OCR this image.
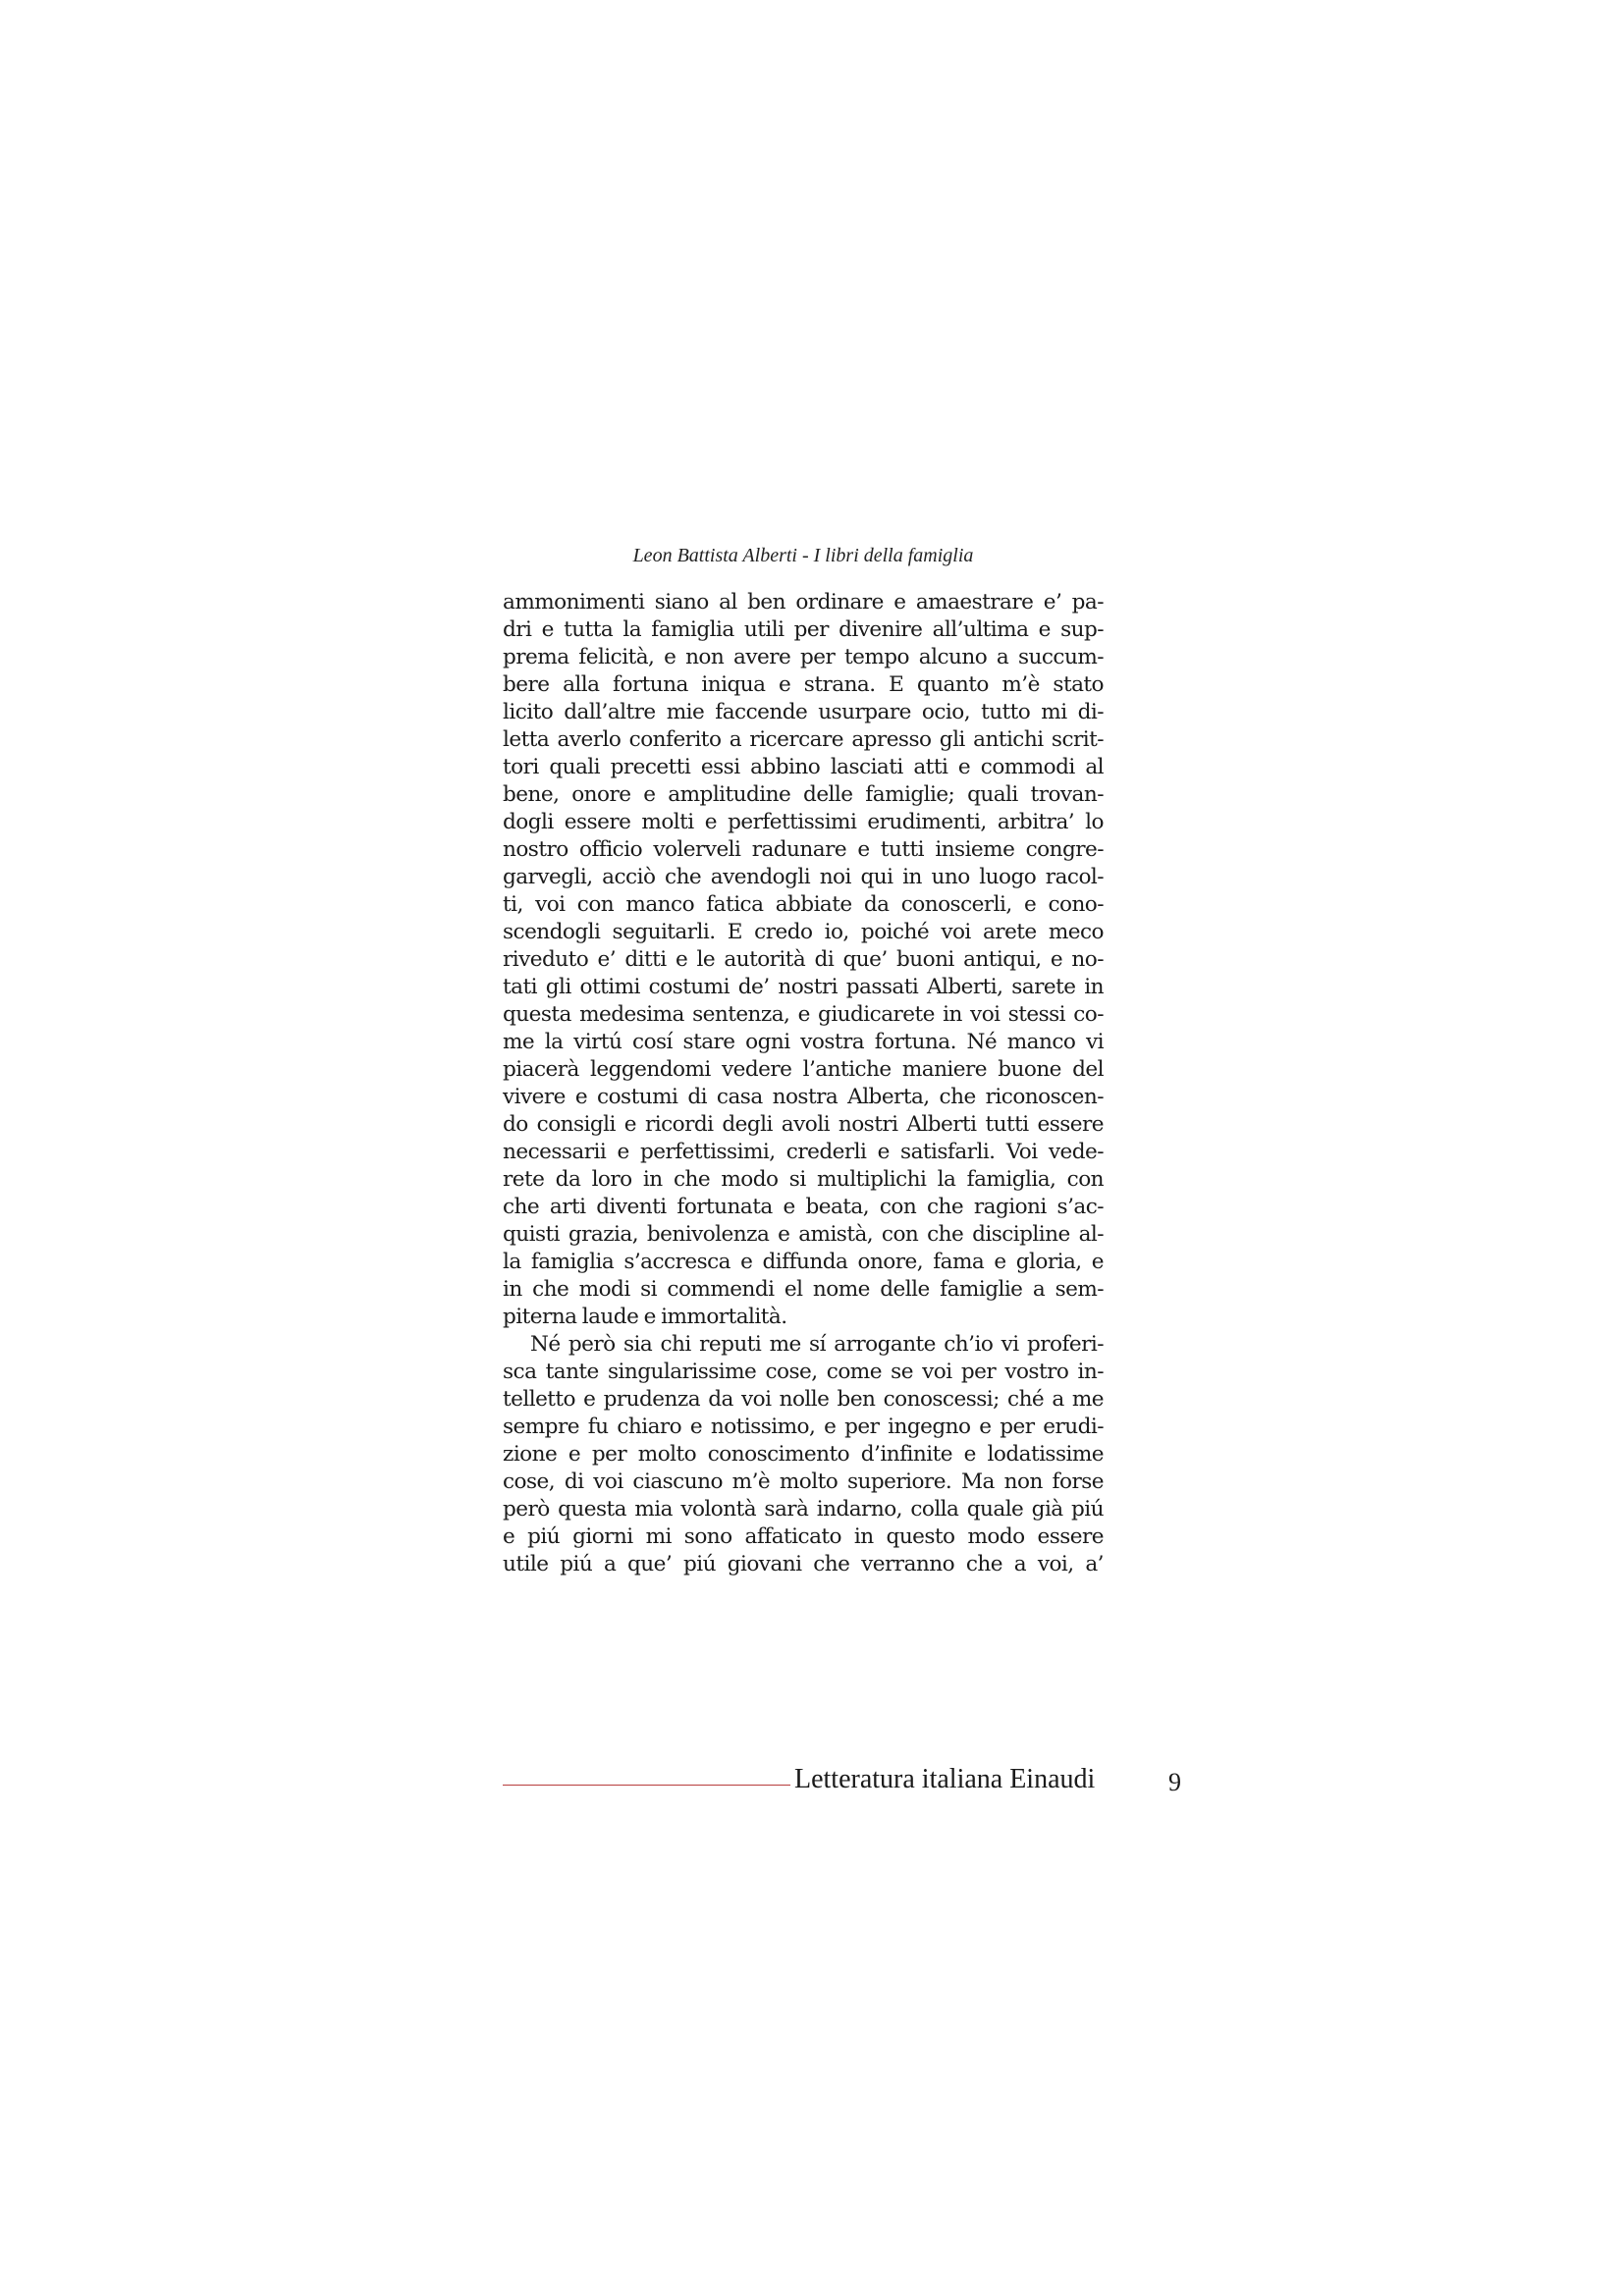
Leon Battista Alberti - I libri della famiglia
ammonimenti siano al ben ordinare e amaestrare e’ pa-
dri e tutta la famiglia utili per divenire all’ultima e sup-
prema felicità, e non avere per tempo alcuno a succum-
bere alla fortuna iniqua e strana. E quanto m’è stato
licito dall’altre mie faccende usurpare ocio, tutto mi di-
letta averlo conferito a ricercare apresso gli antichi scrit-
tori quali precetti essi abbino lasciati atti e commodi al
bene, onore e amplitudine delle famiglie; quali trovan-
dogli essere molti e perfettissimi erudimenti, arbitra’ lo
nostro officio volerveli radunare e tutti insieme congre-
garvegli, acciò che avendogli noi qui in uno luogo racol-
ti, voi con manco fatica abbiate da conoscerli, e cono-
scendogli seguitarli. E credo io, poiché voi arete meco
riveduto e’ ditti e le autorità di que’ buoni antiqui, e no-
tati gli ottimi costumi de’ nostri passati Alberti, sarete in
questa medesima sentenza, e giudicarete in voi stessi co-
me la virtú cosí stare ogni vostra fortuna. Né manco vi
piacerà leggendomi vedere l’antiche maniere buone del
vivere e costumi di casa nostra Alberta, che riconoscen-
do consigli e ricordi degli avoli nostri Alberti tutti essere
necessarii e perfettissimi, crederli e satisfarli. Voi vede-
rete da loro in che modo si multiplichi la famiglia, con
che arti diventi fortunata e beata, con che ragioni s’ac-
quisti grazia, benivolenza e amistà, con che discipline al-
la famiglia s’accresca e diffunda onore, fama e gloria, e
in che modi si commendi el nome delle famiglie a sem-
piterna laude e immortalità.
Né però sia chi reputi me sí arrogante ch’io vi proferi-
sca tante singularissime cose, come se voi per vostro in-
telletto e prudenza da voi nolle ben conoscessi; ché a me
sempre fu chiaro e notissimo, e per ingegno e per erudi-
zione e per molto conoscimento d’infinite e lodatissime
cose, di voi ciascuno m’è molto superiore. Ma non forse
però questa mia volontà sarà indarno, colla quale già piú
e piú giorni mi sono affaticato in questo modo essere
utile piú a que’ piú giovani che verranno che a voi, a’
Letteratura italiana Einaudi	9
